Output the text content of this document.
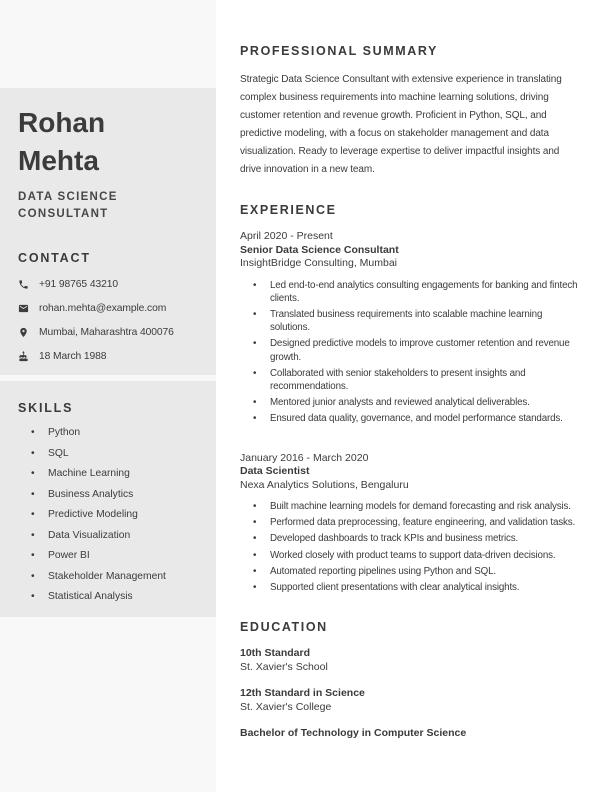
Rohan
Mehta
DATA SCIENCE CONSULTANT
CONTACT
+91 98765 43210
rohan.mehta@example.com
Mumbai, Maharashtra 400076
18 March 1988
SKILLS
• Python
• SQL
• Machine Learning
• Business Analytics
• Predictive Modeling
• Data Visualization
• Power BI
• Stakeholder Management
• Statistical Analysis
PROFESSIONAL SUMMARY

Strategic Data Science Consultant with extensive experience in translating complex business requirements into machine learning solutions, driving customer retention and revenue growth. Proficient in Python, SQL, and predictive modeling, with a focus on stakeholder management and data visualization. Ready to leverage expertise to deliver impactful insights and drive innovation in a new team.

EXPERIENCE
April 2020 - Present
Senior Data Science Consultant
InsightBridge Consulting, Mumbai
• Led end-to-end analytics consulting engagements for banking and fintech clients.
• Translated business requirements into scalable machine learning solutions.
• Designed predictive models to improve customer retention and revenue growth.
• Collaborated with senior stakeholders to present insights and recommendations.
• Mentored junior analysts and reviewed analytical deliverables.
• Ensured data quality, governance, and model performance standards.
January 2016 - March 2020
Data Scientist
Nexa Analytics Solutions, Bengaluru
• Built machine learning models for demand forecasting and risk analysis.
• Performed data preprocessing, feature engineering, and validation tasks.
• Developed dashboards to track KPIs and business metrics.
• Worked closely with product teams to support data-driven decisions.
• Automated reporting pipelines using Python and SQL.
• Supported client presentations with clear analytical insights.
EDUCATION
10th Standard
St. Xavier's School
12th Standard in Science
St. Xavier's College
Bachelor of Technology in Computer Science
